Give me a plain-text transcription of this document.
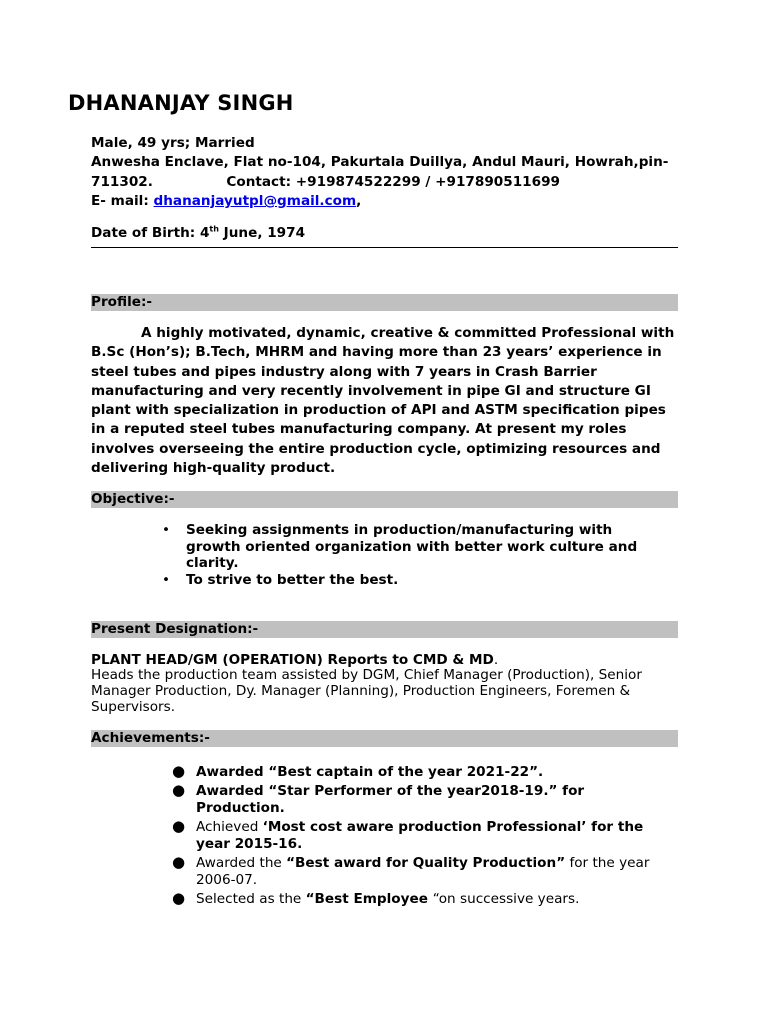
DHANANJAY SINGH
Male, 49 yrs; Married
Anwesha Enclave, Flat no-104, Pakurtala Duillya, Andul Mauri, Howrah,pin-
711302.	Contact: +919874522299 / +917890511699
E- mail: dhananjayutpl@gmail.com,
Date of Birth: 4th June, 1974
Profile:-
A highly motivated, dynamic, creative & committed Professional with B.Sc (Hon’s); B.Tech, MHRM and having more than 23 years’ experience in steel tubes and pipes industry along with 7 years in Crash Barrier manufacturing and very recently involvement in pipe GI and structure GI plant with specialization in production of API and ASTM specification pipes in a reputed steel tubes manufacturing company. At present my roles involves overseeing the entire production cycle, optimizing resources and delivering high-quality product.
Objective:-
• Seeking assignments in production/manufacturing with growth oriented organization with better work culture and clarity.
• To strive to better the best.
Present Designation:-
PLANT HEAD/GM (OPERATION) Reports to CMD & MD.
Heads the production team assisted by DGM, Chief Manager (Production), Senior Manager Production, Dy. Manager (Planning), Production Engineers, Foremen & Supervisors.
Achievements:-
● Awarded “Best captain of the year 2021-22”.
● Awarded “Star Performer of the year2018-19.” for Production.
● Achieved ‘Most cost aware production Professional’ for the year 2015-16.
● Awarded the “Best award for Quality Production” for the year 2006-07.
● Selected as the “Best Employee “on successive years.
